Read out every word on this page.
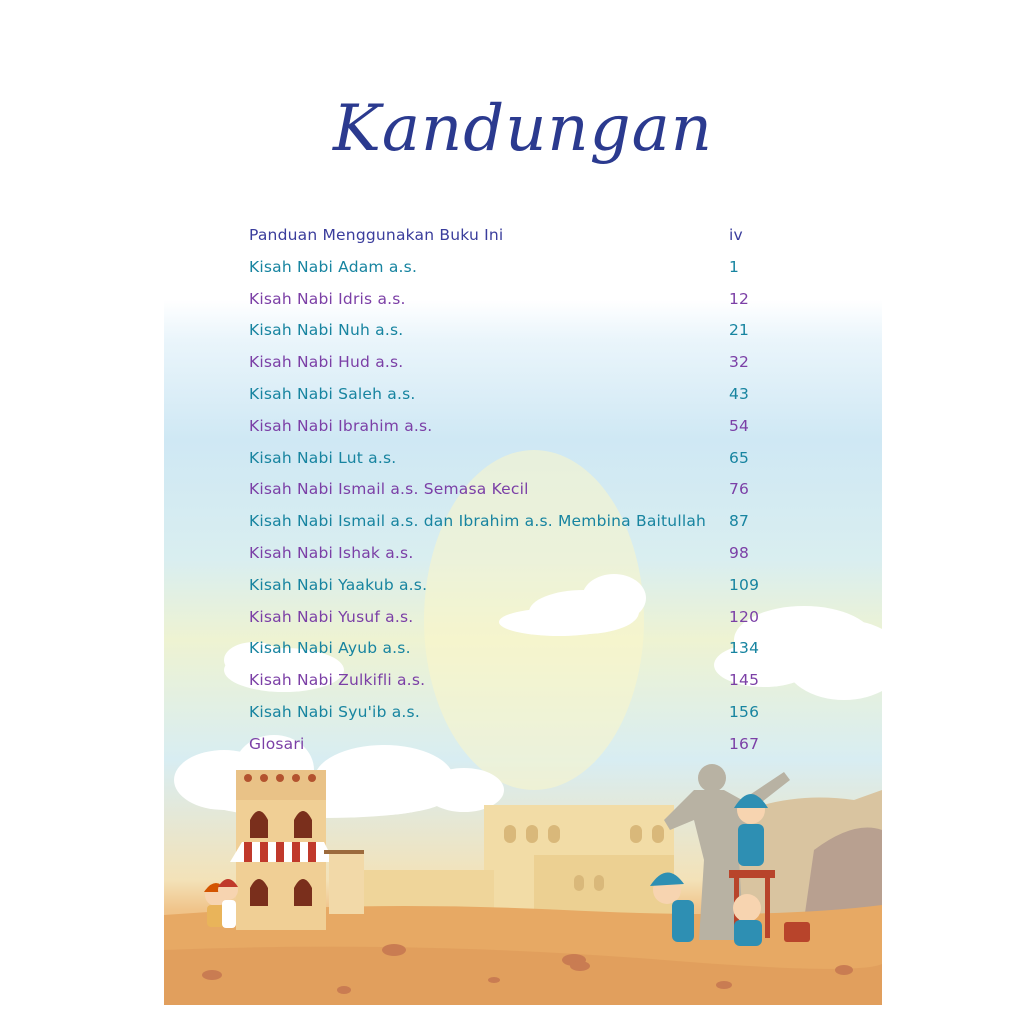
Kandungan
Panduan Menggunakan Buku Ini	iv
Kisah Nabi Adam a.s.	1
Kisah Nabi Idris a.s.	12
Kisah Nabi Nuh a.s.	21
Kisah Nabi Hud a.s.	32
Kisah Nabi Saleh a.s.	43
Kisah Nabi Ibrahim a.s.	54
Kisah Nabi Lut a.s.	65
Kisah Nabi Ismail a.s. Semasa Kecil	76
Kisah Nabi Ismail a.s. dan Ibrahim a.s. Membina Baitullah 87
Kisah Nabi Ishak a.s.	98
Kisah Nabi Yaakub a.s.	109
Kisah Nabi Yusuf a.s.	120
Kisah Nabi Ayub a.s.	134
Kisah Nabi Zulkifli a.s.	145
Kisah Nabi Syu'ib a.s.	156
Glosari	167
